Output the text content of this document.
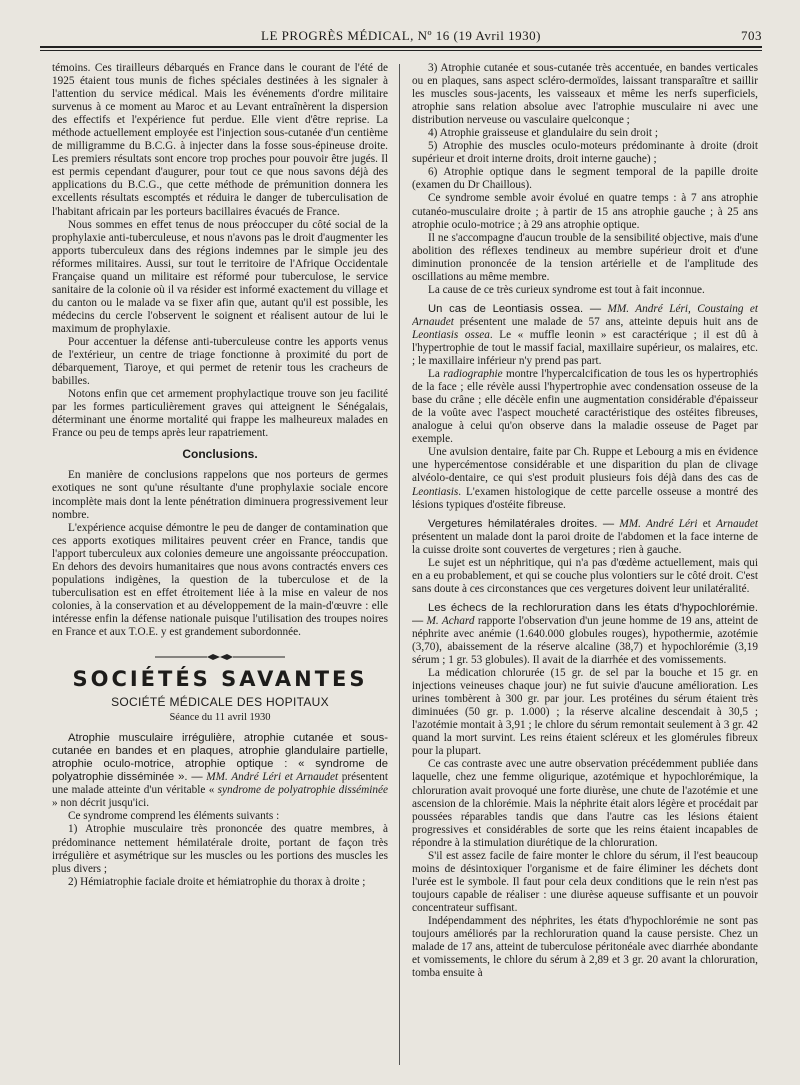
LE PROGRÈS MÉDICAL, Nº 16 (19 Avril 1930)	703

témoins. Ces tirailleurs débarqués en France dans le courant de l'été de 1925 étaient tous munis de fiches spéciales destinées à les signaler à l'attention du service médical. Mais les événements d'ordre militaire survenus à ce moment au Maroc et au Levant entraînèrent la dispersion des effectifs et l'expérience fut perdue. Elle vient d'être reprise. La méthode actuellement employée est l'injection sous-cutanée d'un centième de milligramme du B.C.G. à injecter dans la fosse sous-épineuse droite. Les premiers résultats sont encore trop proches pour pouvoir être jugés. Il est permis cependant d'augurer, pour tout ce que nous savons déjà des applications du B.C.G., que cette méthode de prémunition donnera les excellents résultats escomptés et réduira le danger de tuberculisation de l'habitant africain par les porteurs bacillaires évacués de France.

Nous sommes en effet tenus de nous préoccuper du côté social de la prophylaxie anti-tuberculeuse, et nous n'avons pas le droit d'augmenter les apports tuberculeux dans des régions indemnes par le simple jeu des réformes militaires. Aussi, sur tout le territoire de l'Afrique Occidentale Française quand un militaire est réformé pour tuberculose, le service sanitaire de la colonie où il va résider est informé exactement du village et du canton ou le malade va se fixer afin que, autant qu'il est possible, les médecins du cercle l'observent le soignent et réalisent autour de lui le maximum de prophylaxie.

Pour accentuer la défense anti-tuberculeuse contre les apports venus de l'extérieur, un centre de triage fonctionne à proximité du port de débarquement, Tiaroye, et qui permet de retenir tous les cracheurs de babilles.

Notons enfin que cet armement prophylactique trouve son jeu facilité par les formes particulièrement graves qui atteignent le Sénégalais, déterminant une énorme mortalité qui frappe les malheureux malades en France ou peu de temps après leur rapatriement.

Conclusions.

En manière de conclusions rappelons que nos porteurs de germes exotiques ne sont qu'une résultante d'une prophylaxie sociale encore incomplète mais dont la lente pénétration diminuera progressivement leur nombre.

L'expérience acquise démontre le peu de danger de contamination que ces apports exotiques militaires peuvent créer en France, tandis que l'apport tuberculeux aux colonies demeure une angoissante préoccupation. En dehors des devoirs humanitaires que nous avons contractés envers ces populations indigènes, la question de la tuberculose et de la tuberculisation est en effet étroitement liée à la mise en valeur de nos colonies, à la conservation et au développement de la main-d'œuvre : elle intéresse enfin la défense nationale puisque l'utilisation des troupes noires en France et aux T.O.E. y est grandement subordonnée.

SOCIÉTÉS SAVANTES
SOCIÉTÉ MÉDICALE DES HOPITAUX
Séance du 11 avril 1930

Atrophie musculaire irrégulière, atrophie cutanée et sous-cutanée en bandes et en plaques, atrophie glandulaire partielle, atrophie oculo-motrice, atrophie optique : « syndrome de polyatrophie disséminée ». — MM. André Léri et Arnaudet présentent une malade atteinte d'un véritable « syndrome de polyatrophie disséminée » non décrit jusqu'ici.

Ce syndrome comprend les éléments suivants :

1) Atrophie musculaire très prononcée des quatre membres, à prédominance nettement hémilatérale droite, portant de façon très irrégulière et asymétrique sur les muscles ou les portions des muscles les plus divers ;

2) Hémiatrophie faciale droite et hémiatrophie du thorax à droite ;

3) Atrophie cutanée et sous-cutanée très accentuée, en bandes verticales ou en plaques, sans aspect scléro-dermoïdes, laissant transparaître et saillir les muscles sous-jacents, les vaisseaux et même les nerfs superficiels, atrophie sans relation absolue avec l'atrophie musculaire ni avec une distribution nerveuse ou vasculaire quelconque ;

4) Atrophie graisseuse et glandulaire du sein droit ;

5) Atrophie des muscles oculo-moteurs prédominante à droite (droit supérieur et droit interne droits, droit interne gauche) ;

6) Atrophie optique dans le segment temporal de la papille droite (examen du Dr Chaillous).

Ce syndrome semble avoir évolué en quatre temps : à 7 ans atrophie cutanéo-musculaire droite ; à partir de 15 ans atrophie gauche ; à 25 ans atrophie oculo-motrice ; à 29 ans atrophie optique.

Il ne s'accompagne d'aucun trouble de la sensibilité objective, mais d'une abolition des réflexes tendineux au membre supérieur droit et d'une diminution prononcée de la tension artérielle et de l'amplitude des oscillations au même membre.

La cause de ce très curieux syndrome est tout à fait inconnue.

Un cas de Leontiasis ossea. — MM. André Léri, Coustaing et Arnaudet présentent une malade de 57 ans, atteinte depuis huit ans de Leontiasis ossea. Le « muffle leonin » est caractérique ; il est dû à l'hypertrophie de tout le massif facial, maxillaire supérieur, os malaires, etc. ; le maxillaire inférieur n'y prend pas part.

La radiographie montre l'hypercalcification de tous les os hypertrophiés de la face ; elle révèle aussi l'hypertrophie avec condensation osseuse de la base du crâne ; elle décèle enfin une augmentation considérable d'épaisseur de la voûte avec l'aspect moucheté caractéristique des ostéites fibreuses, analogue à celui qu'on observe dans la maladie osseuse de Paget par exemple.

Une avulsion dentaire, faite par Ch. Ruppe et Lebourg a mis en évidence une hypercémentose considérable et une disparition du plan de clivage alvéolo-dentaire, ce qui s'est produit plusieurs fois déjà dans des cas de Leontiasis. L'examen histologique de cette parcelle osseuse a montré des lésions typiques d'ostéite fibreuse.

Vergetures hémilatérales droites. — MM. André Léri et Arnaudet présentent un malade dont la paroi droite de l'abdomen et la face interne de la cuisse droite sont couvertes de vergetures ; rien à gauche.

Le sujet est un néphritique, qui n'a pas d'œdème actuellement, mais qui en a eu probablement, et qui se couche plus volontiers sur le côté droit. C'est sans doute à ces circonstances que ces vergetures doivent leur unilatéralité.

Les échecs de la rechloruration dans les états d'hypochlorémie. — M. Achard rapporte l'observation d'un jeune homme de 19 ans, atteint de néphrite avec anémie (1.640.000 globules rouges), hypothermie, azotémie (3,70), abaissement de la réserve alcaline (38,7) et hypochlorémie (3,19 sérum ; 1 gr. 53 globules). Il avait de la diarrhée et des vomissements.

La médication chlorurée (15 gr. de sel par la bouche et 15 gr. en injections veineuses chaque jour) ne fut suivie d'aucune amélioration. Les urines tombèrent à 300 gr. par jour. Les protéines du sérum étaient très diminuées (50 gr. p. 1.000) ; la réserve alcaline descendait à 30,5 ; l'azotémie montait à 3,91 ; le chlore du sérum remontait seulement à 3 gr. 42 quand la mort survint. Les reins étaient scléreux et les glomérules fibreux pour la plupart.

Ce cas contraste avec une autre observation précédemment publiée dans laquelle, chez une femme oligurique, azotémique et hypochlorémique, la chloruration avait provoqué une forte diurèse, une chute de l'azotémie et une ascension de la chlorémie. Mais la néphrite était alors légère et procédait par poussées réparables tandis que dans l'autre cas les lésions étaient progressives et considérables de sorte que les reins étaient incapables de répondre à la stimulation diurétique de la chloruration.

S'il est assez facile de faire monter le chlore du sérum, il l'est beaucoup moins de désintoxiquer l'organisme et de faire éliminer les déchets dont l'urée est le symbole. Il faut pour cela deux conditions que le rein n'est pas toujours capable de réaliser : une diurèse aqueuse suffisante et un pouvoir concentrateur suffisant.

Indépendamment des néphrites, les états d'hypochlorémie ne sont pas toujours améliorés par la rechloruration quand la cause persiste. Chez un malade de 17 ans, atteint de tuberculose péritonéale avec diarrhée abondante et vomissements, le chlore du sérum à 2,89 et 3 gr. 20 avant la chloruration, tomba ensuite à
